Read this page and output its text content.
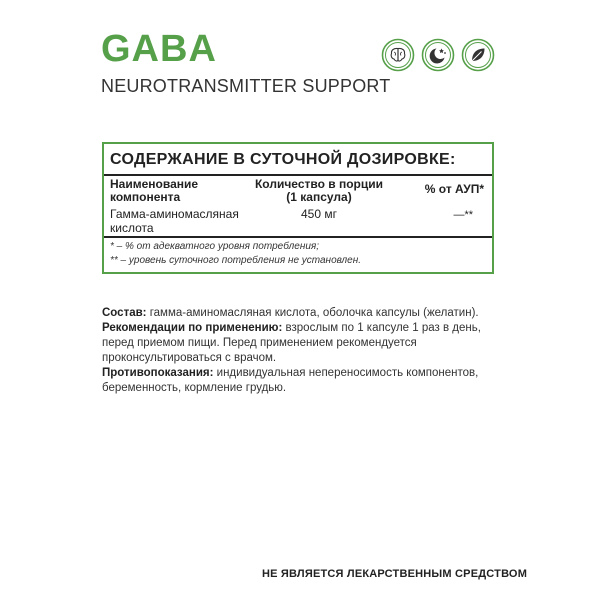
GABA
NEUROTRANSMITTER SUPPORT
СОДЕРЖАНИЕ В СУТОЧНОЙ ДОЗИРОВКЕ:
Наименование компонента
Количество в порции (1 капсула)
% от АУП*
Гамма-аминомасляная кислота
450 мг	—**
* – % от адекватного уровня потребления;
** – уровень суточного потребления не установлен.

Состав: гамма-аминомасляная кислота, оболочка капсулы (желатин).

Рекомендации по применению: взрослым по 1 капсуле 1 раз в день, перед приемом пищи. Перед применением рекомендуется проконсультироваться с врачом.

Противопоказания: индивидуальная непереносимость компонентов, беременность, кормление грудью.

НЕ ЯВЛЯЕТСЯ ЛЕКАРСТВЕННЫМ СРЕДСТВОМ
